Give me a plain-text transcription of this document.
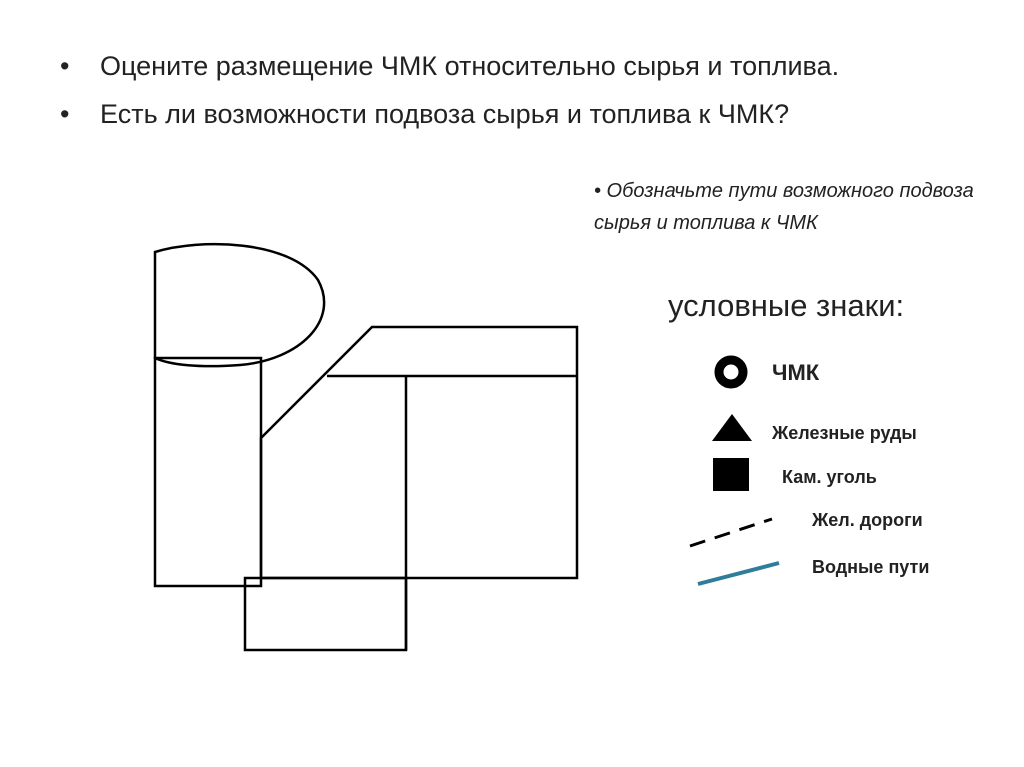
• Оцените размещение ЧМК относительно сырья и топлива.
• Есть ли возможности подвоза сырья и топлива к ЧМК?
• Обозначьте пути возможного подвоза сырья и топлива к ЧМК
условные знаки:
ЧМК
Железные руды
Кам. уголь
Жел. дороги
Водные пути
